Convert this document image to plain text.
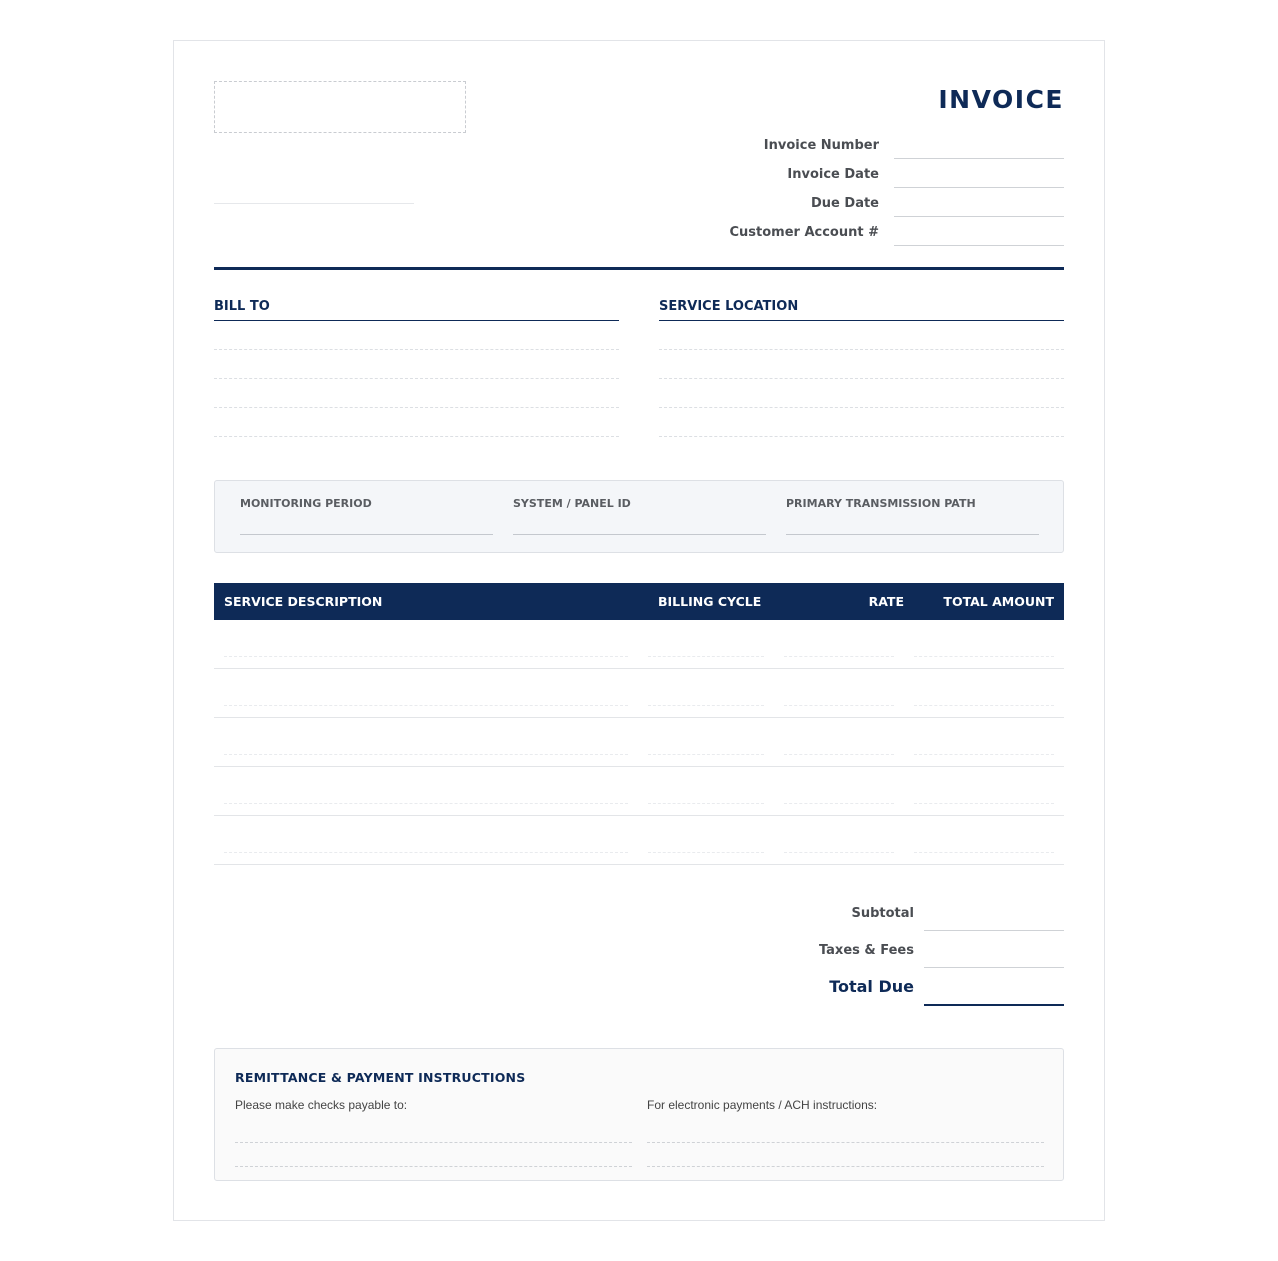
INVOICE
Invoice Number
Invoice Date
Due Date
Customer Account #
BILL TO	SERVICE LOCATION
MONITORING PERIOD	SYSTEM / PANEL ID	PRIMARY TRANSMISSION PATH
SERVICE DESCRIPTION	BILLING CYCLE	RATE	TOTAL AMOUNT
Subtotal
Taxes & Fees
Total Due
REMITTANCE & PAYMENT INSTRUCTIONS
Please make checks payable to:	For electronic payments / ACH instructions:
